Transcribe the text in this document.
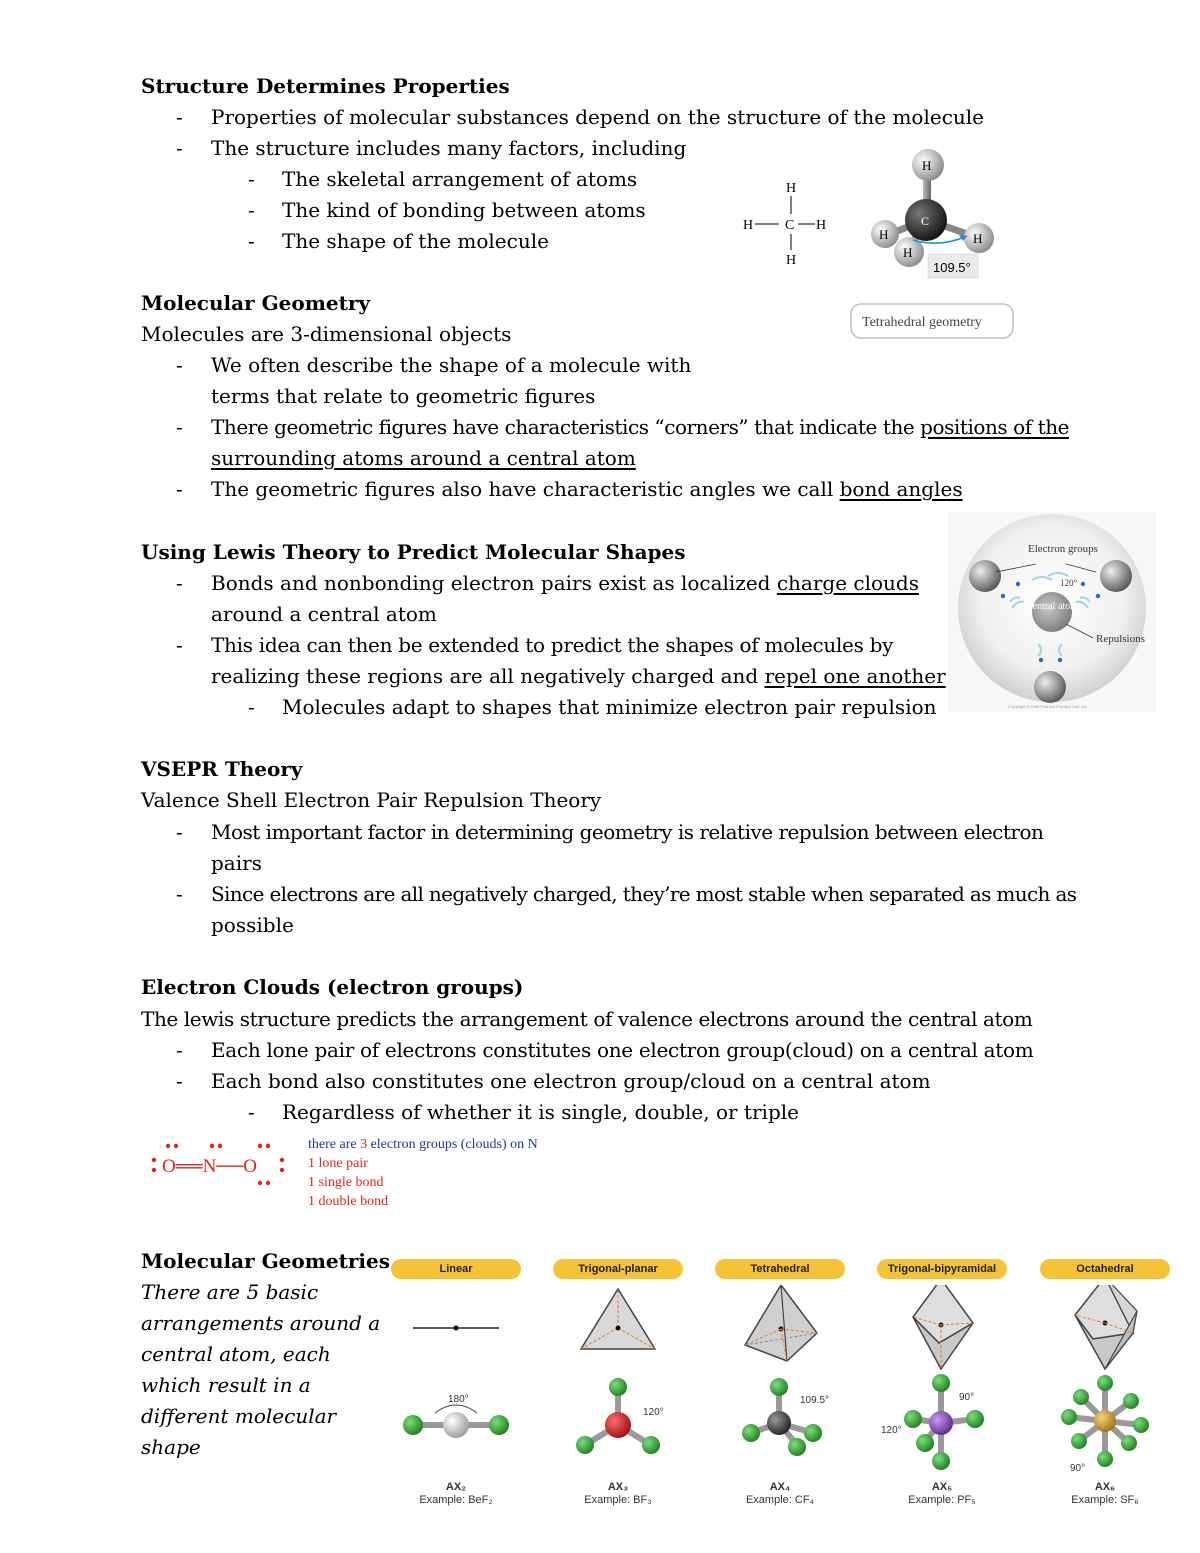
Structure Determines Properties
- Properties of molecular substances depend on the structure of the molecule
- The structure includes many factors, including
- The skeletal arrangement of atoms
- The kind of bonding between atoms
- The shape of the molecule
H
H C H
H
H
H
C
H
H
109.5°
Tetrahedral geometry
Molecular Geometry
Molecules are 3-dimensional objects
- We often describe the shape of a molecule with
terms that relate to geometric figures
- There geometric figures have characteristics “corners” that indicate the positions of the
surrounding atoms around a central atom
- The geometric figures also have characteristic angles we call bond angles
Central atom
Electron groups
120°
Repulsions
Copyright © 2008 Pearson Prentice Hall, Inc.
Using Lewis Theory to Predict Molecular Shapes
- Bonds and nonbonding electron pairs exist as localized charge clouds
around a central atom
- This idea can then be extended to predict the shapes of molecules by
realizing these regions are all negatively charged and repel one another
- Molecules adapt to shapes that minimize electron pair repulsion
VSEPR Theory
Valence Shell Electron Pair Repulsion Theory
- Most important factor in determining geometry is relative repulsion between electron
pairs
- Since electrons are all negatively charged, they’re most stable when separated as much as
possible
Electron Clouds (electron groups)
The lewis structure predicts the arrangement of valence electrons around the central atom
- Each lone pair of electrons constitutes one electron group(cloud) on a central atom
- Each bond also constitutes one electron group/cloud on a central atom
- Regardless of whether it is single, double, or triple
O══N──O
there are 3 electron groups (clouds) on N
1 lone pair
1 single bond
1 double bond
Molecular Geometries
There are 5 basic
arrangements around a
central atom, each
which result in a
different molecular
shape
Linear	Trigonal-planar	Tetrahedral	Trigonal-bipyramidal	Octahedral
180°
120°
109.5°	90°
120°
90°
AX₂
Example: BeF₂
AX₃
Example: BF₃
AX₄
Example: CF₄
AX₅
Example: PF₅
AX₆
Example: SF₆
